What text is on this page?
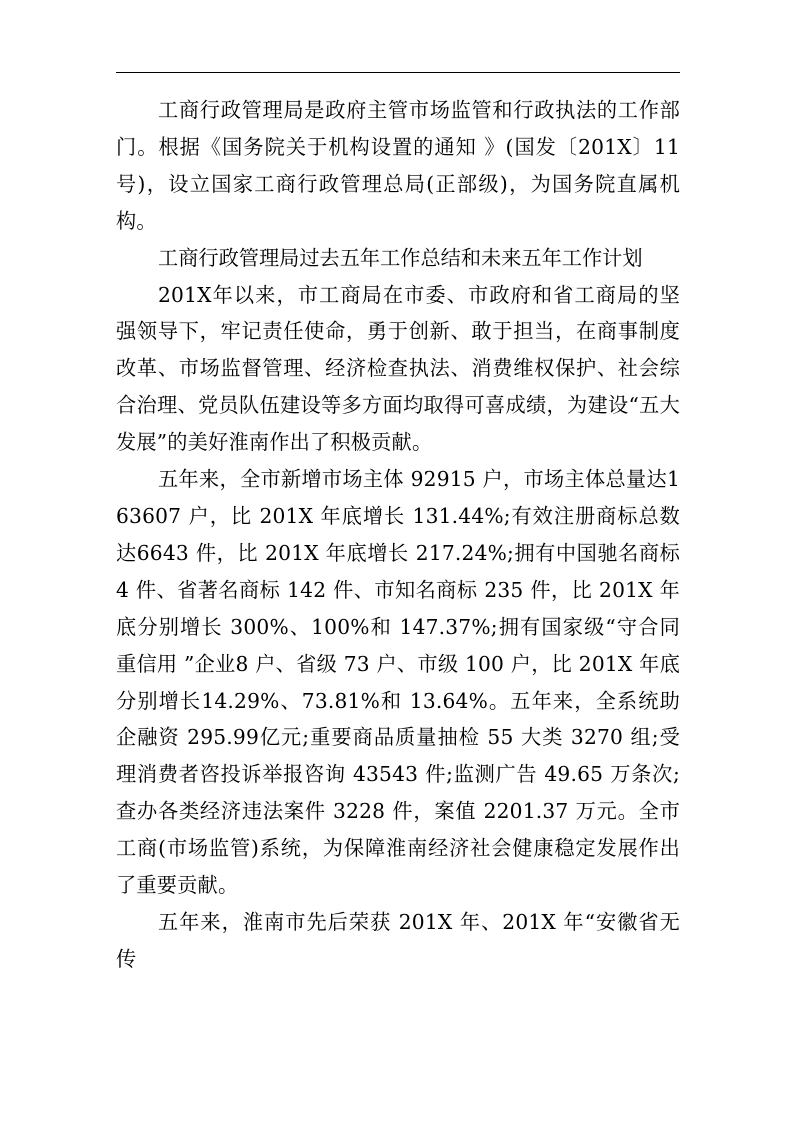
工商行政管理局是政府主管市场监管和行政执法的工作部门。根据《国务院关于机构设置的通知 》(国发〔201X〕11号)，设立国家工商行政管理总局(正部级)，为国务院直属机构。

工商行政管理局过去五年工作总结和未来五年工作计划

201X年以来，市工商局在市委、市政府和省工商局的坚强领导下，牢记责任使命，勇于创新、敢于担当，在商事制度改革、市场监督管理、经济检查执法、消费维权保护、社会综合治理、党员队伍建设等多方面均取得可喜成绩，为建设“五大发展”的美好淮南作出了积极贡献。

五年来，全市新增市场主体 92915 户，市场主体总量达163607 户，比 201X 年底增长 131.44%;有效注册商标总数达6643 件，比 201X 年底增长 217.24%;拥有中国驰名商标 4 件、省著名商标 142 件、市知名商标 235 件，比 201X 年底分别增长 300%、100%和 147.37%;拥有国家级“守合同重信用 ”企业8 户、省级 73 户、市级 100 户，比 201X 年底分别增长14.29%、73.81%和 13.64%。五年来，全系统助企融资 295.99亿元;重要商品质量抽检 55 大类 3270 组;受理消费者咨投诉举报咨询 43543 件;监测广告 49.65 万条次;查办各类经济违法案件 3228 件，案值 2201.37 万元。全市工商(市场监管)系统，为保障淮南经济社会健康稳定发展作出了重要贡献。

五年来，淮南市先后荣获 201X 年、201X 年“安徽省无传
